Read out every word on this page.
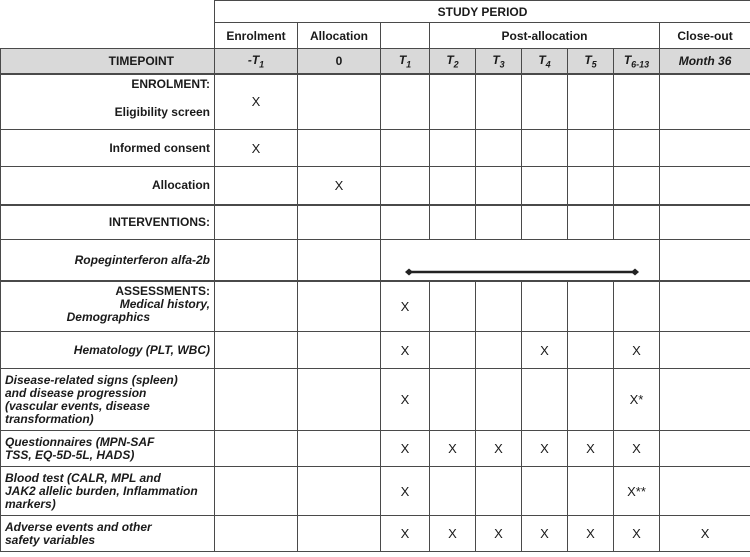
	STUDY PERIOD								
	Enrolment	Allocation		Post-allocation					Close-out
TIMEPOINT	$-T_1$	0	$T_1$	$T_2$	$T_3$	$T_4$	$T_5$	$T_{6-13}$	Month 36

ENROLMENT:
Eligibility screen	X								
Informed consent	X								
Allocation		X							
INTERVENTIONS:									
Ropeginterferon alfa-2b									

ASSESSMENTS:
Medical history,
Demographics			X						
Hematology (PLT, WBC)			X			X		X	

Disease-related signs (spleen)
and disease progression
(vascular events, disease
transformation)			X					X*	

Questionnaires (MPN-SAF
TSS, EQ-5D-5L, HADS)			X	X	X	X	X	X	

Blood test (CALR, MPL and
JAK2 allelic burden, Inflammation
markers)			X					X**	

Adverse events and other
safety variables			X	X	X	X	X	X	X
